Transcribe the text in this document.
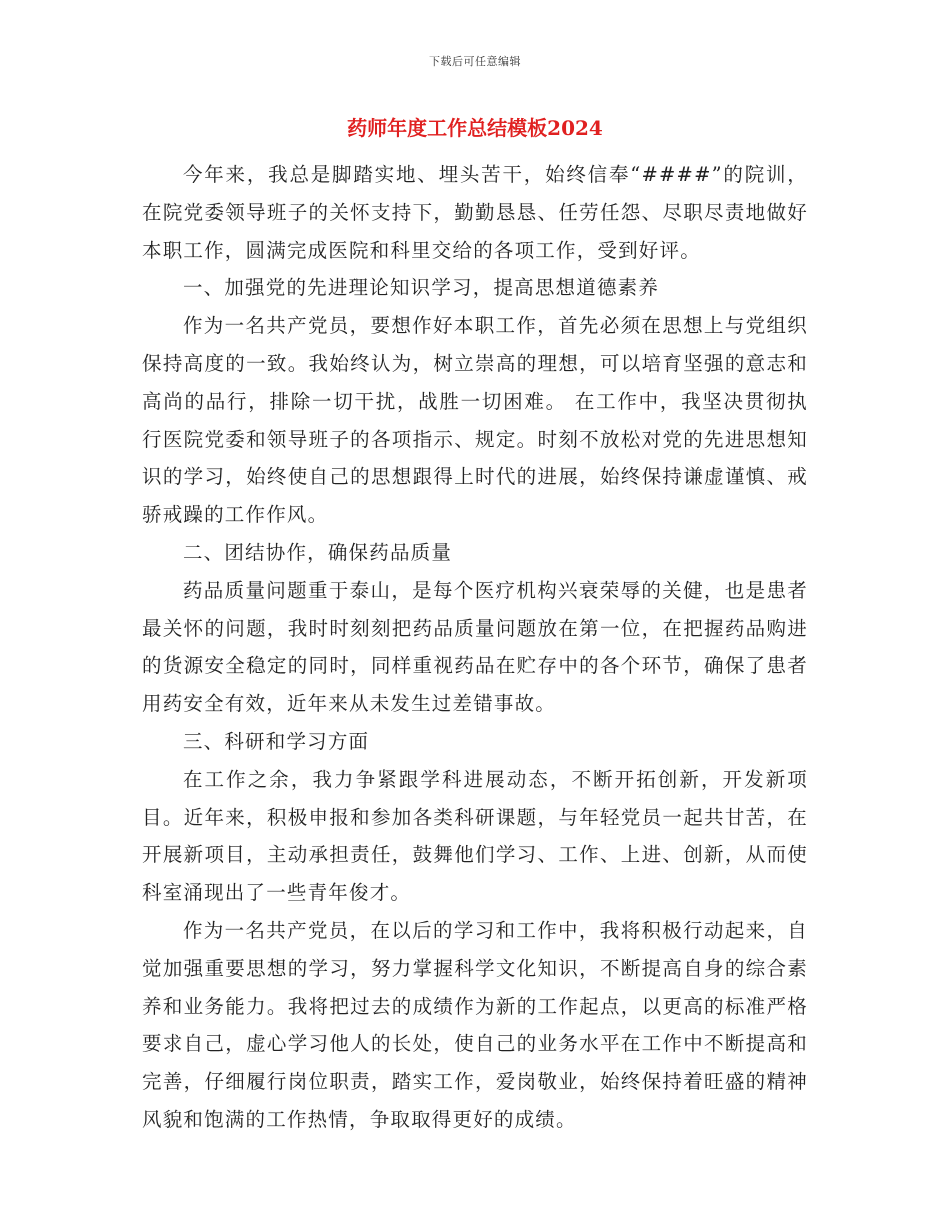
下载后可任意编辑
药师年度工作总结模板2024

今年来，我总是脚踏实地、埋头苦干，始终信奉“####”的院训，在院党委领导班子的关怀支持下，勤勤恳恳、任劳任怨、尽职尽责地做好本职工作，圆满完成医院和科里交给的各项工作，受到好评。

一、加强党的先进理论知识学习，提高思想道德素养

作为一名共产党员，要想作好本职工作，首先必须在思想上与党组织保持高度的一致。我始终认为，树立崇高的理想，可以培育坚强的意志和高尚的品行，排除一切干扰，战胜一切困难。 在工作中，我坚决贯彻执行医院党委和领导班子的各项指示、规定。时刻不放松对党的先进思想知识的学习，始终使自己的思想跟得上时代的进展，始终保持谦虚谨慎、戒骄戒躁的工作作风。

二、团结协作，确保药品质量

药品质量问题重于泰山，是每个医疗机构兴衰荣辱的关健，也是患者最关怀的问题，我时时刻刻把药品质量问题放在第一位，在把握药品购进的货源安全稳定的同时，同样重视药品在贮存中的各个环节，确保了患者用药安全有效，近年来从未发生过差错事故。

三、科研和学习方面

在工作之余，我力争紧跟学科进展动态，不断开拓创新，开发新项目。近年来，积极申报和参加各类科研课题，与年轻党员一起共甘苦，在开展新项目，主动承担责任，鼓舞他们学习、工作、上进、创新，从而使科室涌现出了一些青年俊才。

作为一名共产党员，在以后的学习和工作中，我将积极行动起来，自觉加强重要思想的学习，努力掌握科学文化知识，不断提高自身的综合素养和业务能力。我将把过去的成绩作为新的工作起点，以更高的标准严格要求自己，虚心学习他人的长处，使自己的业务水平在工作中不断提高和完善，仔细履行岗位职责，踏实工作，爱岗敬业，始终保持着旺盛的精神风貌和饱满的工作热情，争取取得更好的成绩。
